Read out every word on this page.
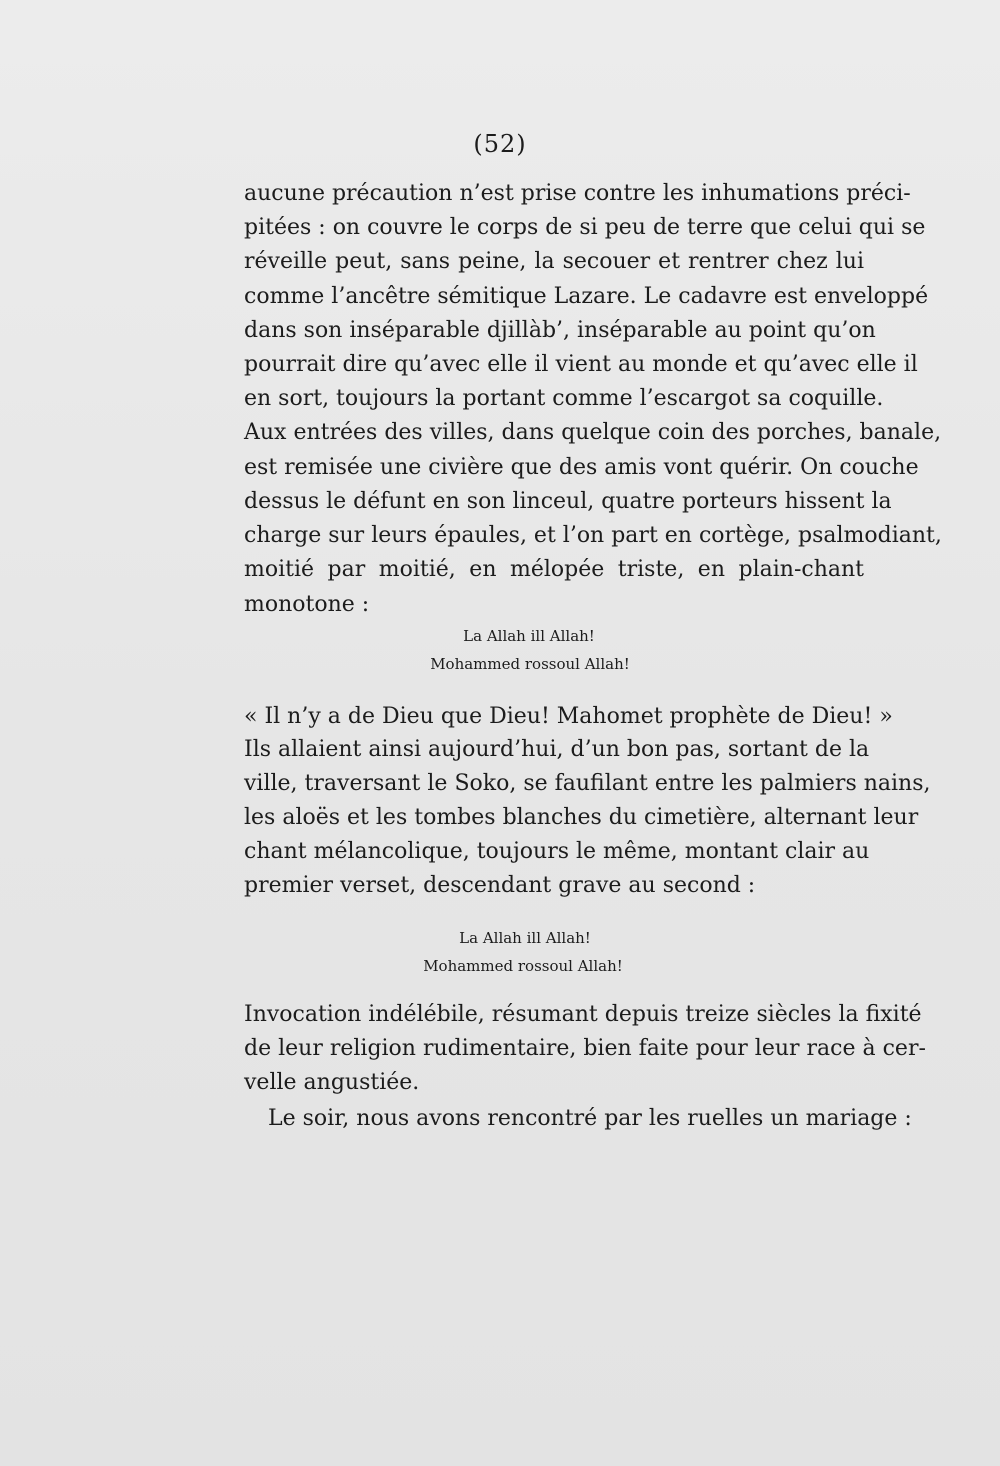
(52)
aucune précaution n’est prise contre les inhumations préci-
pitées : on couvre le corps de si peu de terre que celui qui se
réveille peut, sans peine, la secouer et rentrer chez lui
comme l’ancêtre sémitique Lazare. Le cadavre est enveloppé
dans son inséparable djillàb’, inséparable au point qu’on
pourrait dire qu’avec elle il vient au monde et qu’avec elle il
en sort, toujours la portant comme l’escargot sa coquille.
Aux entrées des villes, dans quelque coin des porches, banale,
est remisée une civière que des amis vont quérir. On couche
dessus le défunt en son linceul, quatre porteurs hissent la
charge sur leurs épaules, et l’on part en cortège, psalmodiant,
moitié par moitié, en mélopée triste, en plain-chant
monotone :
La Allah ill Allah!
Mohammed rossoul Allah!
« Il n’y a de Dieu que Dieu! Mahomet prophète de Dieu! »
Ils allaient ainsi aujourd’hui, d’un bon pas, sortant de la
ville, traversant le Soko, se faufilant entre les palmiers nains,
les aloës et les tombes blanches du cimetière, alternant leur
chant mélancolique, toujours le même, montant clair au
premier verset, descendant grave au second :
La Allah ill Allah!
Mohammed rossoul Allah!
Invocation indélébile, résumant depuis treize siècles la fixité
de leur religion rudimentaire, bien faite pour leur race à cer-
velle angustiée.
Le soir, nous avons rencontré par les ruelles un mariage :
